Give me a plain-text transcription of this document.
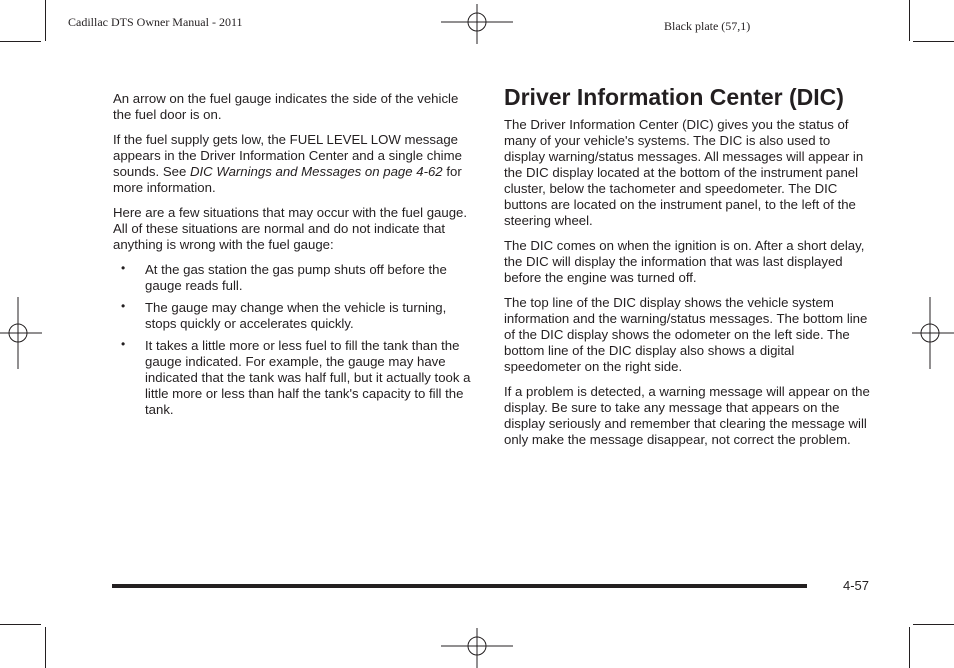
Cadillac DTS Owner Manual - 2011	Black plate (57,1)

An arrow on the fuel gauge indicates the side of the vehicle the fuel door is on.

If the fuel supply gets low, the FUEL LEVEL LOW message appears in the Driver Information Center and a single chime sounds. See DIC Warnings and Messages on page 4-62 for more information.

Here are a few situations that may occur with the fuel gauge. All of these situations are normal and do not indicate that anything is wrong with the fuel gauge:

• At the gas station the gas pump shuts off before the gauge reads full.
• The gauge may change when the vehicle is turning, stops quickly or accelerates quickly.
• It takes a little more or less fuel to fill the tank than the gauge indicated. For example, the gauge may have indicated that the tank was half full, but it actually took a little more or less than half the tank's capacity to fill the tank.
Driver Information Center (DIC)

The Driver Information Center (DIC) gives you the status of many of your vehicle's systems. The DIC is also used to display warning/status messages. All messages will appear in the DIC display located at the bottom of the instrument panel cluster, below the tachometer and speedometer. The DIC buttons are located on the instrument panel, to the left of the steering wheel.

The DIC comes on when the ignition is on. After a short delay, the DIC will display the information that was last displayed before the engine was turned off.

The top line of the DIC display shows the vehicle system information and the warning/status messages. The bottom line of the DIC display shows the odometer on the left side. The bottom line of the DIC display also shows a digital speedometer on the right side.

If a problem is detected, a warning message will appear on the display. Be sure to take any message that appears on the display seriously and remember that clearing the message will only make the message disappear, not correct the problem.

4-57
